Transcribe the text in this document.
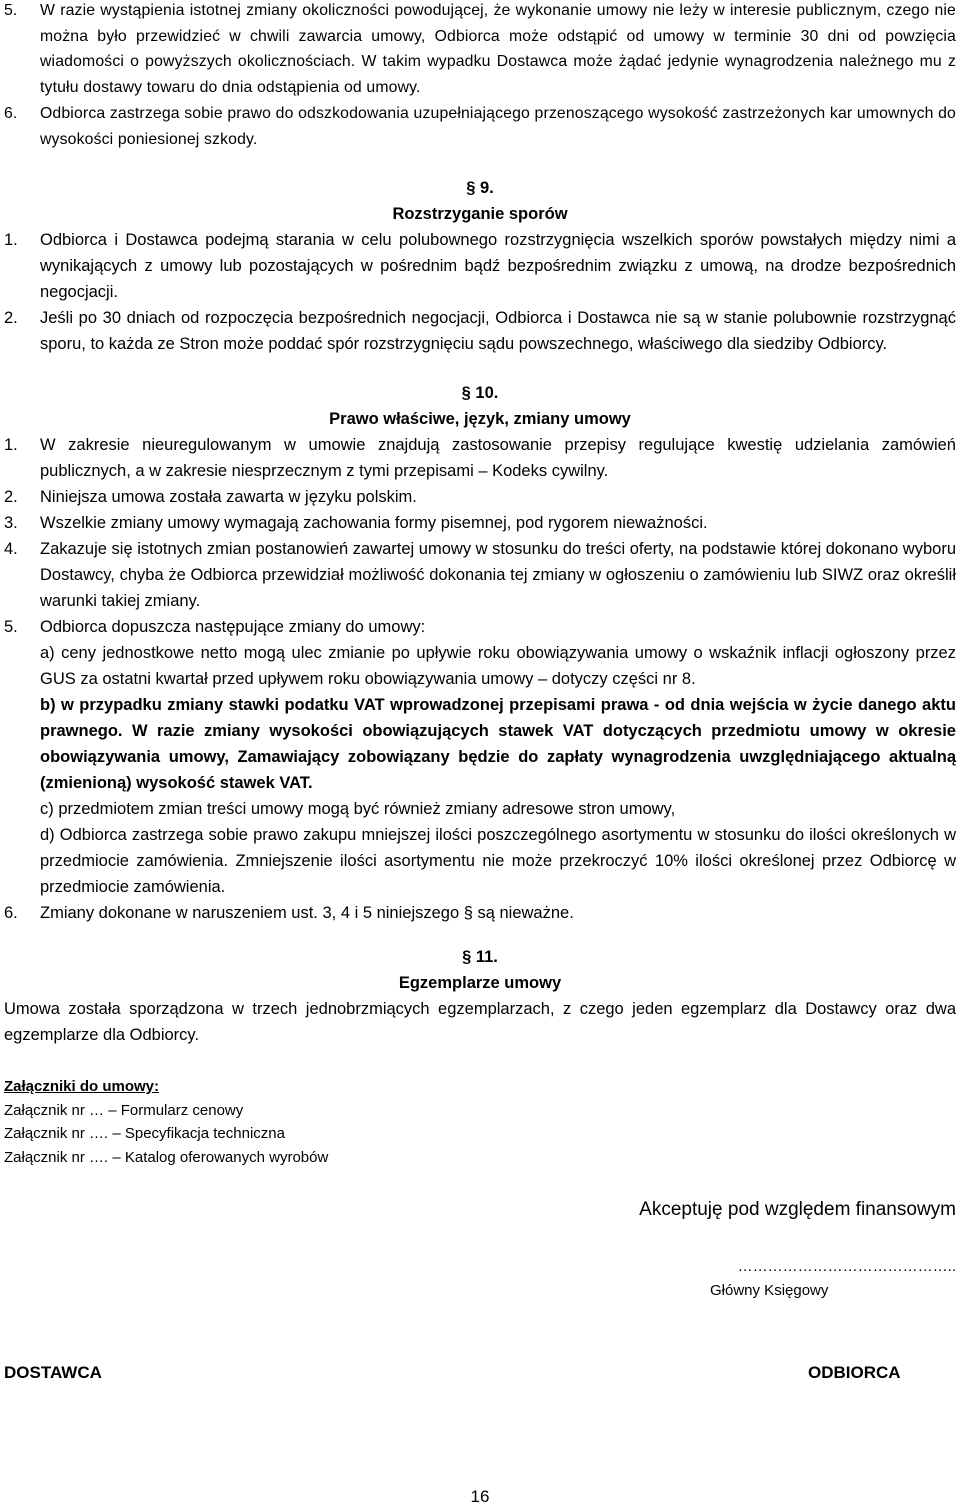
5. W razie wystąpienia istotnej zmiany okoliczności powodującej, że wykonanie umowy nie leży w interesie publicznym, czego nie można było przewidzieć w chwili zawarcia umowy, Odbiorca może odstąpić od umowy w terminie 30 dni od powzięcia wiadomości o powyższych okolicznościach. W takim wypadku Dostawca może żądać jedynie wynagrodzenia należnego mu z tytułu dostawy towaru do dnia odstąpienia od umowy.
6. Odbiorca zastrzega sobie prawo do odszkodowania uzupełniającego przenoszącego wysokość zastrzeżonych kar umownych do wysokości poniesionej szkody.
§ 9.
Rozstrzyganie sporów
1. Odbiorca i Dostawca podejmą starania w celu polubownego rozstrzygnięcia wszelkich sporów powstałych między nimi a wynikających z umowy lub pozostających w pośrednim bądź bezpośrednim związku z umową, na drodze bezpośrednich negocjacji.
2. Jeśli po 30 dniach od rozpoczęcia bezpośrednich negocjacji, Odbiorca i Dostawca nie są w stanie polubownie rozstrzygnąć sporu, to każda ze Stron może poddać spór rozstrzygnięciu sądu powszechnego, właściwego dla siedziby Odbiorcy.
§ 10.
Prawo właściwe, język, zmiany umowy
1. W zakresie nieuregulowanym w umowie znajdują zastosowanie przepisy regulujące kwestię udzielania zamówień publicznych, a w zakresie niesprzecznym z tymi przepisami – Kodeks cywilny.
2. Niniejsza umowa została zawarta w języku polskim.
3. Wszelkie zmiany umowy wymagają zachowania formy pisemnej, pod rygorem nieważności.
4. Zakazuje się istotnych zmian postanowień zawartej umowy w stosunku do treści oferty, na podstawie której dokonano wyboru Dostawcy, chyba że Odbiorca przewidział możliwość dokonania tej zmiany w ogłoszeniu o zamówieniu lub SIWZ oraz określił warunki takiej zmiany.
5. Odbiorca dopuszcza następujące zmiany do umowy:
a) ceny jednostkowe netto mogą ulec zmianie po upływie roku obowiązywania umowy o wskaźnik inflacji ogłoszony przez GUS za ostatni kwartał przed upływem roku obowiązywania umowy – dotyczy części nr 8.
b) w przypadku zmiany stawki podatku VAT wprowadzonej przepisami prawa - od dnia wejścia w życie danego aktu prawnego. W razie zmiany wysokości obowiązujących stawek VAT dotyczących przedmiotu umowy w okresie obowiązywania umowy, Zamawiający zobowiązany będzie do zapłaty wynagrodzenia uwzględniającego aktualną (zmienioną) wysokość stawek VAT.
c) przedmiotem zmian treści umowy mogą być również zmiany adresowe stron umowy,
d) Odbiorca zastrzega sobie prawo zakupu mniejszej ilości poszczególnego asortymentu w stosunku do ilości określonych w przedmiocie zamówienia. Zmniejszenie ilości asortymentu nie może przekroczyć 10% ilości określonej przez Odbiorcę w przedmiocie zamówienia.
6. Zmiany dokonane w naruszeniem ust. 3, 4 i 5 niniejszego § są nieważne.
§ 11.
Egzemplarze umowy
Umowa została sporządzona w trzech jednobrzmiących egzemplarzach, z czego jeden egzemplarz dla Dostawcy oraz dwa egzemplarze dla Odbiorcy.
Załączniki do umowy:
Załącznik nr … – Formularz cenowy
Załącznik nr …. – Specyfikacja techniczna
Załącznik nr …. – Katalog oferowanych wyrobów
Akceptuję pod względem finansowym
……………………………………..
Główny Księgowy
DOSTAWCA	ODBIORCA
16
